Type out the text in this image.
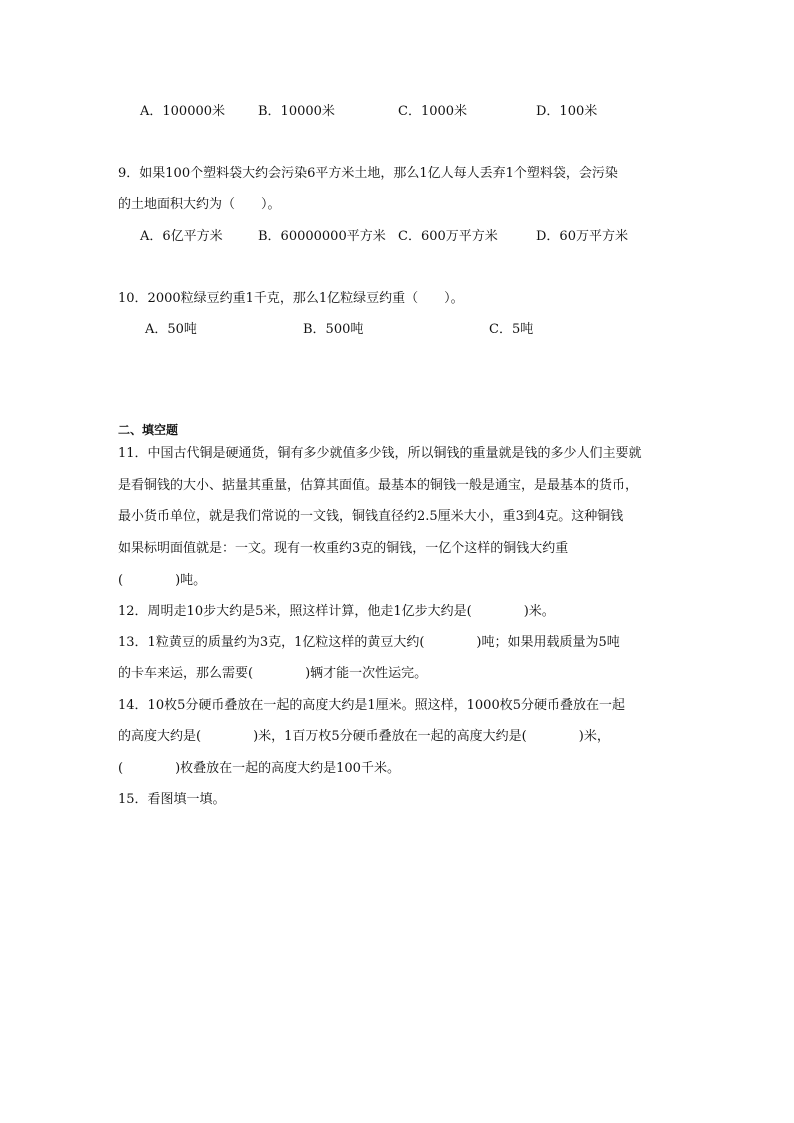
A．100000米	B．10000米	C．1000米	D．100米
9．如果100个塑料袋大约会污染6平方米土地，那么1亿人每人丢弃1个塑料袋，会污染
的土地面积大约为（　　）。
A．6亿平方米	B．60000000平方米 C．600万平方米	D．60万平方米
10．2000粒绿豆约重1千克，那么1亿粒绿豆约重（　　）。
A．50吨	B．500吨	C．5吨
二、填空题
11．中国古代铜是硬通货，铜有多少就值多少钱，所以铜钱的重量就是钱的多少人们主要就
是看铜钱的大小、掂量其重量，估算其面值。最基本的铜钱一般是通宝，是最基本的货币，
最小货币单位，就是我们常说的一文钱，铜钱直径约2.5厘米大小，重3到4克。这种铜钱
如果标明面值就是：一文。现有一枚重约3克的铜钱，一亿个这样的铜钱大约重
(　　　　)吨。
12．周明走10步大约是5米，照这样计算，他走1亿步大约是(　　　　)米。
13．1粒黄豆的质量约为3克，1亿粒这样的黄豆大约(　　　　)吨；如果用载质量为5吨
的卡车来运，那么需要(　　　　)辆才能一次性运完。
14．10枚5分硬币叠放在一起的高度大约是1厘米。照这样，1000枚5分硬币叠放在一起
的高度大约是(　　　　)米，1百万枚5分硬币叠放在一起的高度大约是(　　　　)米，
(　　　　)枚叠放在一起的高度大约是100千米。
15．看图填一填。
